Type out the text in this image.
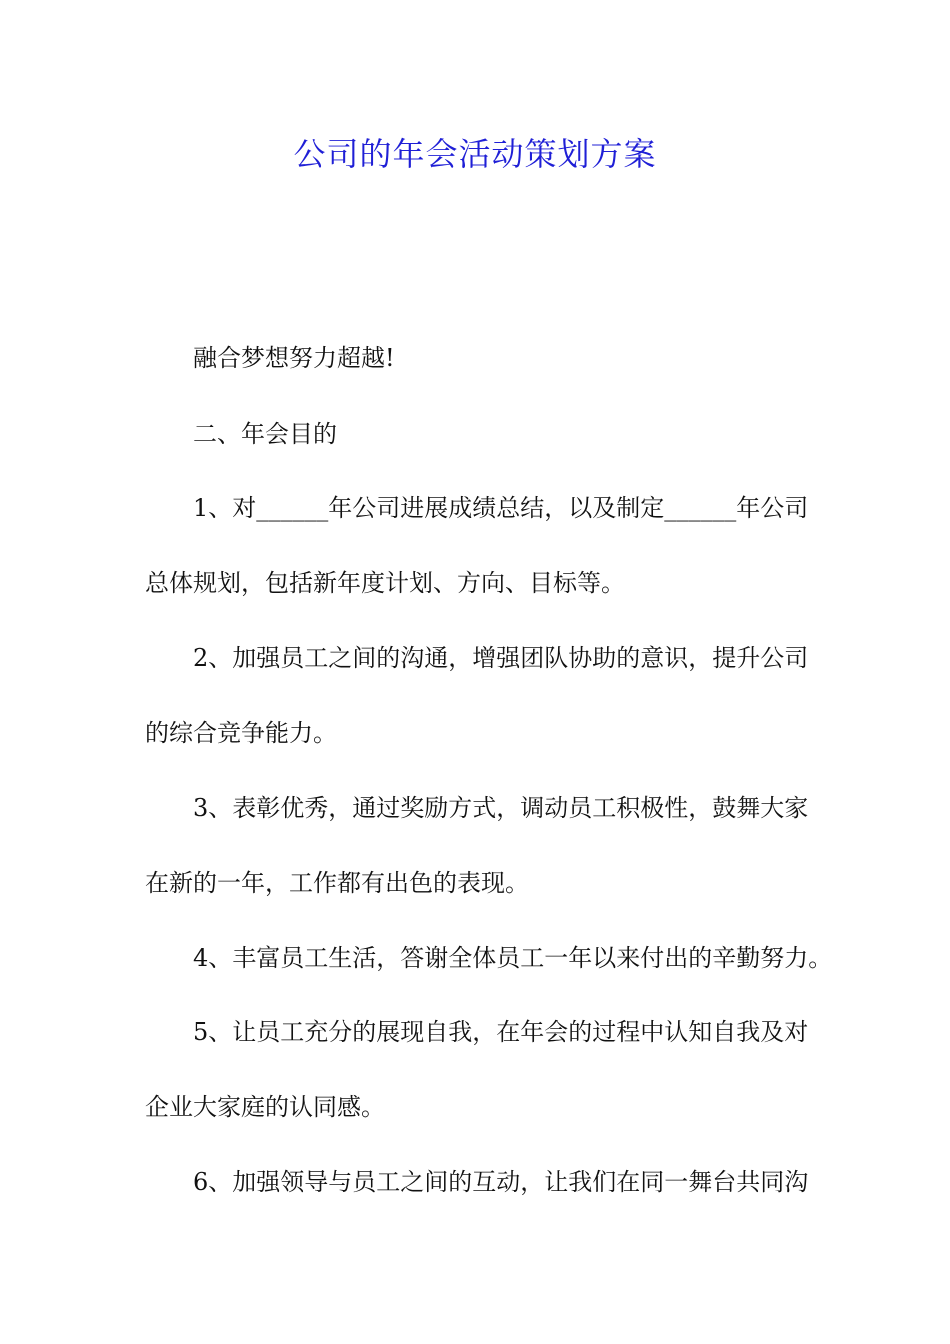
公司的年会活动策划方案
融合梦想努力超越!
二、年会目的
1、对______年公司进展成绩总结，以及制定______年公司
总体规划，包括新年度计划、方向、目标等。
2、加强员工之间的沟通，增强团队协助的意识，提升公司
的综合竞争能力。
3、表彰优秀，通过奖励方式，调动员工积极性，鼓舞大家
在新的一年，工作都有出色的表现。
4、丰富员工生活，答谢全体员工一年以来付出的辛勤努力。
5、让员工充分的展现自我，在年会的过程中认知自我及对
企业大家庭的认同感。
6、加强领导与员工之间的互动，让我们在同一舞台共同沟
